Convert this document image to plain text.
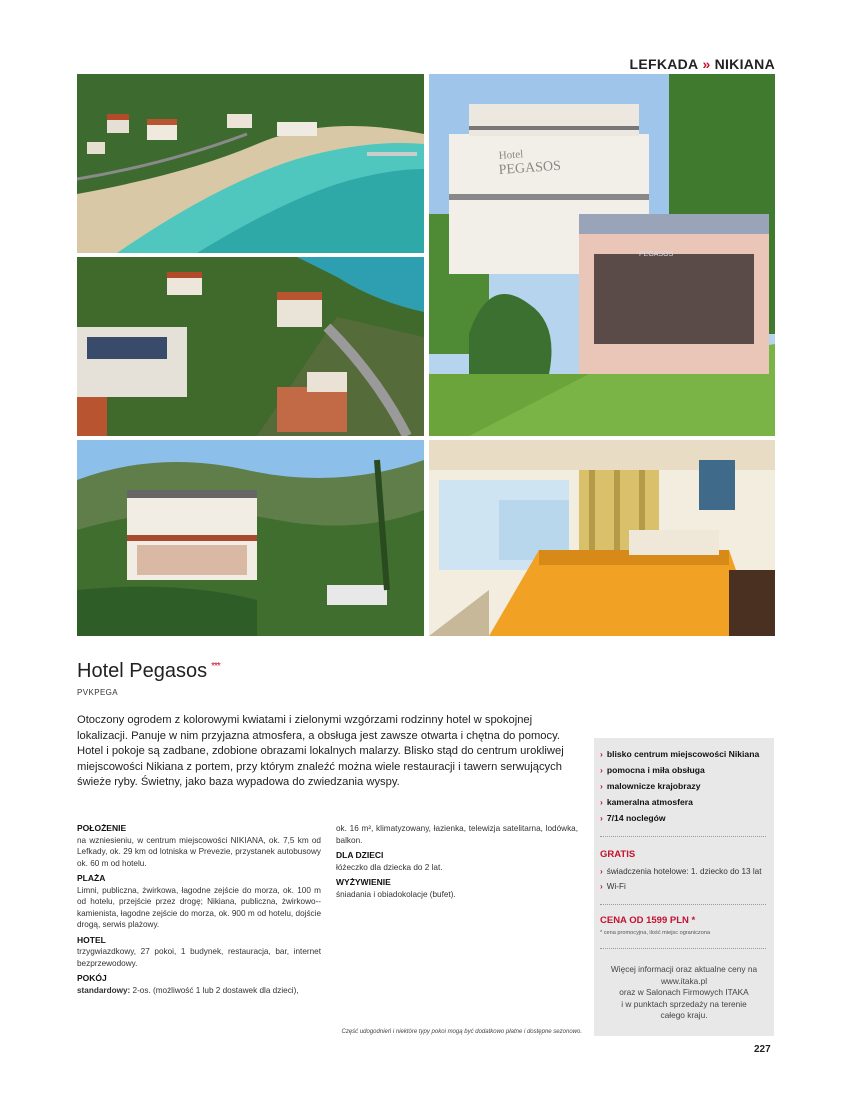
LEFKADA » NIKIANA
Hotel
PEGASOS
PEGASOS
Hotel Pegasos ***
PVKPEGA
Otoczony ogrodem z kolorowymi kwiatami i zielonymi wzgórzami rodzinny hotel w spokojnej lokalizacji. Panuje w nim przyjazna atmosfera, a obsługa jest zawsze otwarta i chętna do pomocy. Hotel i pokoje są zadbane, zdobione obrazami lokalnych malarzy. Blisko stąd do centrum urokliwej miejscowości Nikiana z portem, przy którym znaleźć można wiele restauracji i tawern serwujących świeże ryby. Świetny, jako baza wypadowa do zwiedzania wyspy.
POŁOŻENIE
na wzniesieniu, w centrum miejscowości NIKIANA, ok. 7,5 km od Lefkady, ok. 29 km od lotniska w Prevezie, przystanek autobusowy ok. 60 m od hotelu.
PLAŻA
Limni, publiczna, żwirkowa, łagodne zejście do morza, ok. 100 m od hotelu, przejście przez drogę; Nikiana, publiczna, żwirkowo--kamienista, łagodne zejście do morza, ok. 900 m od hotelu, dojście drogą, serwis plażowy.
HOTEL
trzygwiazdkowy, 27 pokoi, 1 budynek, restauracja, bar, internet bezprzewodowy.
POKÓJ
standardowy: 2-os. (możliwość 1 lub 2 dostawek dla dzieci),
ok. 16 m², klimatyzowany, łazienka, telewizja satelitarna, lodówka, balkon.
DLA DZIECI
łóżeczko dla dziecka do 2 lat.
WYŻYWIENIE
śniadania i obiadokolacje (bufet).
Część udogodnień i niektóre typy pokoi mogą być dodatkowo płatne i dostępne sezonowo.
› blisko centrum miejscowości Nikiana
› pomocna i miła obsługa
› malownicze krajobrazy
› kameralna atmosfera
› 7/14 noclegów
GRATIS
› świadczenia hotelowe: 1. dziecko do 13 lat
› Wi-Fi
CENA OD 1599 PLN *
* cena promocyjna, ilość miejsc ograniczona
Więcej informacji oraz aktualne ceny na
www.itaka.pl
oraz w Salonach Firmowych ITAKA
i w punktach sprzedaży na terenie
całego kraju.
227
